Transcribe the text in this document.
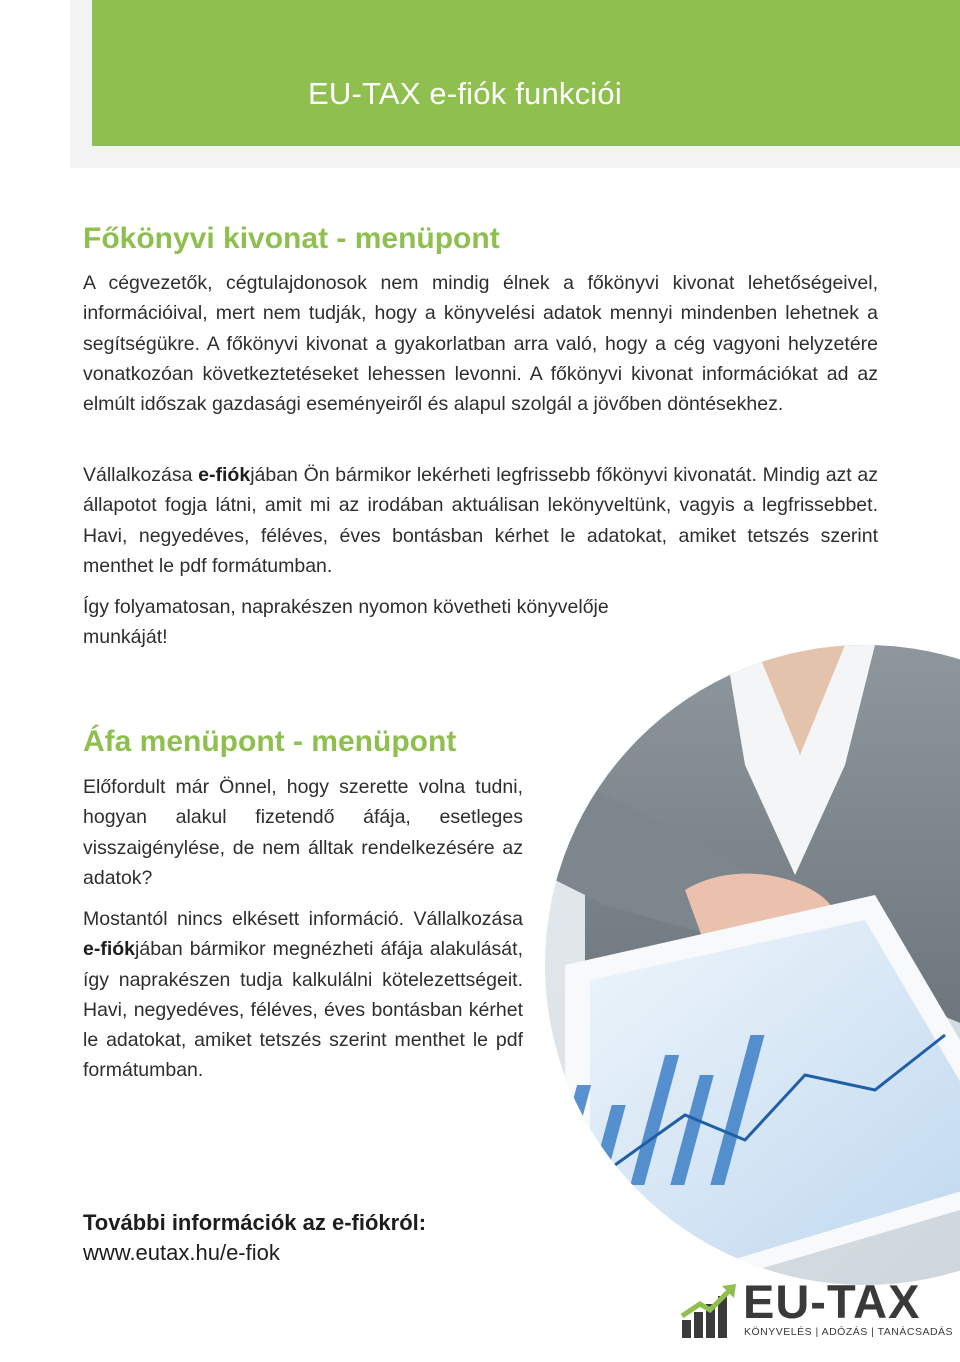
EU-TAX e-fiók funkciói
Főkönyvi kivonat - menüpont

A cégvezetők, cégtulajdonosok nem mindig élnek a főkönyvi kivonat lehetőségeivel, információival, mert nem tudják, hogy a könyvelési adatok mennyi mindenben lehetnek a segítségükre. A főkönyvi kivonat a gyakorlatban arra való, hogy a cég vagyoni helyzetére vonatkozóan következtetéseket lehessen levonni. A főkönyvi kivonat információkat ad az elmúlt időszak gazdasági eseményeiről és alapul szolgál a jövőben döntésekhez.

Vállalkozása e-fiókjában Ön bármikor lekérheti legfrissebb főkönyvi kivonatát. Mindig azt az állapotot fogja látni, amit mi az irodában aktuálisan lekönyveltünk, vagyis a legfrissebbet. Havi, negyedéves, féléves, éves bontásban kérhet le adatokat, amiket tetszés szerint menthet le pdf formátumban.

Így folyamatosan, naprakészen nyomon követheti könyvelője munkáját!

Áfa menüpont - menüpont

Előfordult már Önnel, hogy szerette volna tudni, hogyan alakul fizetendő áfája, esetleges visszaigénylése, de nem álltak rendelkezésére az adatok?

Mostantól nincs elkésett információ. Vállalkozása e-fiókjában bármikor megnézheti áfája alakulását, így naprakészen tudja kalkulálni kötelezettségeit. Havi, negyedéves, féléves, éves bontásban kérhet le adatokat, amiket tetszés szerint menthet le pdf formátumban.

További információk az e-fiókról:

www.eutax.hu/e-fiok

EU-TAX
KÖNYVELÉS | ADÓZÁS | TANÁCSADÁS
